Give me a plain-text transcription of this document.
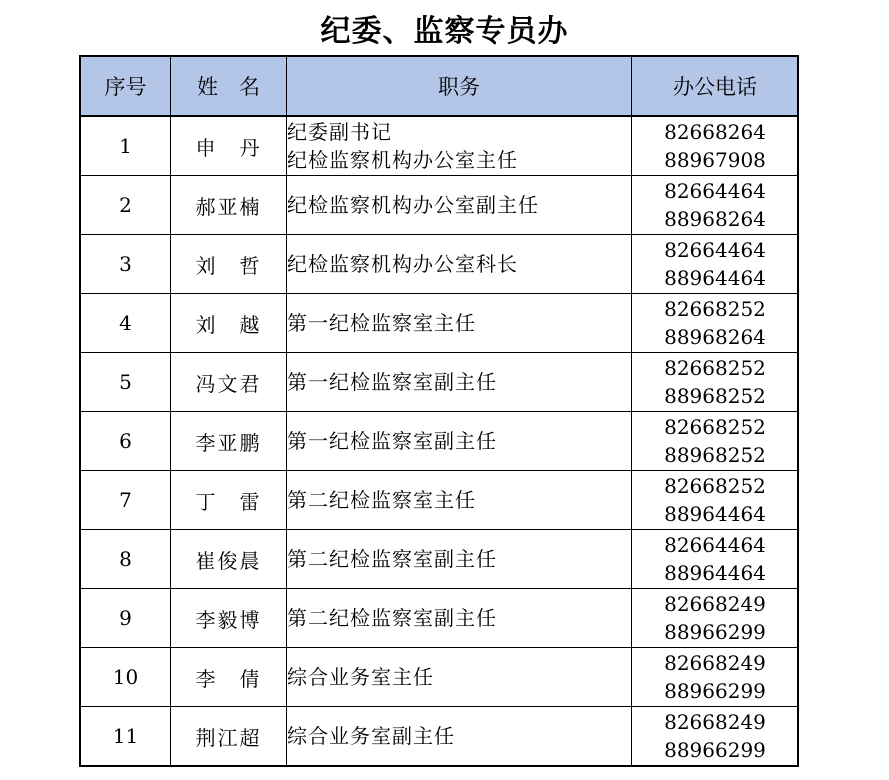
纪委、监察专员办
序号	姓　名	职务	办公电话
1	申　丹	纪委副书记
纪检监察机构办公室主任	82668264
88967908

2	郝亚楠	纪检监察机构办公室副主任	82664464
88968264

3	刘　哲	纪检监察机构办公室科长	82664464
88964464

4	刘　越	第一纪检监察室主任	82668252
88968264

5	冯文君	第一纪检监察室副主任	82668252
88968252

6	李亚鹏	第一纪检监察室副主任	82668252
88968252

7	丁　雷	第二纪检监察室主任	82668252
88964464

8	崔俊晨	第二纪检监察室副主任	82664464
88964464

9	李毅博	第二纪检监察室副主任	82668249
88966299

10	李　倩	综合业务室主任	82668249
88966299

11	荆江超	综合业务室副主任	82668249
88966299
